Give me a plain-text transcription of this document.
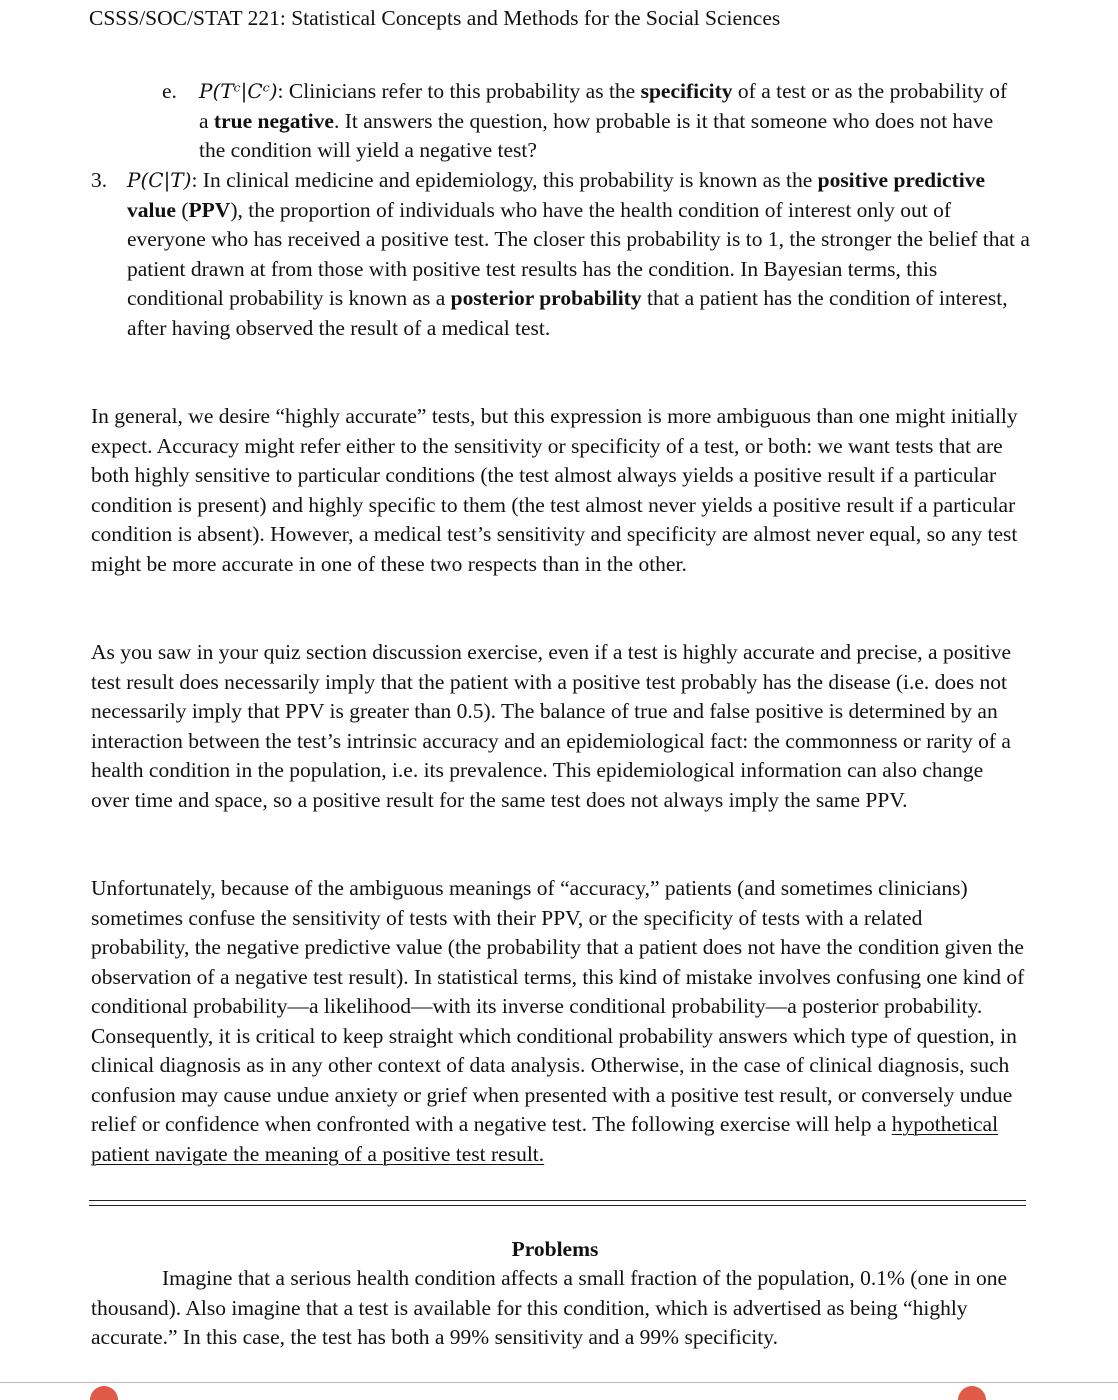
CSSS/SOC/STAT 221: Statistical Concepts and Methods for the Social Sciences
e. P(Tᶜ|Cᶜ): Clinicians refer to this probability as the specificity of a test or as the probability of a true negative. It answers the question, how probable is it that someone who does not have the condition will yield a negative test?
3. P(C|T): In clinical medicine and epidemiology, this probability is known as the positive predictive value (PPV), the proportion of individuals who have the health condition of interest only out of everyone who has received a positive test. The closer this probability is to 1, the stronger the belief that a patient drawn at from those with positive test results has the condition. In Bayesian terms, this conditional probability is known as a posterior probability that a patient has the condition of interest, after having observed the result of a medical test.

In general, we desire “highly accurate” tests, but this expression is more ambiguous than one might initially expect. Accuracy might refer either to the sensitivity or specificity of a test, or both: we want tests that are both highly sensitive to particular conditions (the test almost always yields a positive result if a particular condition is present) and highly specific to them (the test almost never yields a positive result if a particular condition is absent). However, a medical test’s sensitivity and specificity are almost never equal, so any test might be more accurate in one of these two respects than in the other.

As you saw in your quiz section discussion exercise, even if a test is highly accurate and precise, a positive test result does necessarily imply that the patient with a positive test probably has the disease (i.e. does not necessarily imply that PPV is greater than 0.5). The balance of true and false positive is determined by an interaction between the test’s intrinsic accuracy and an epidemiological fact: the commonness or rarity of a health condition in the population, i.e. its prevalence. This epidemiological information can also change over time and space, so a positive result for the same test does not always imply the same PPV.

Unfortunately, because of the ambiguous meanings of “accuracy,” patients (and sometimes clinicians) sometimes confuse the sensitivity of tests with their PPV, or the specificity of tests with a related probability, the negative predictive value (the probability that a patient does not have the condition given the observation of a negative test result). In statistical terms, this kind of mistake involves confusing one kind of conditional probability—a likelihood—with its inverse conditional probability—a posterior probability. Consequently, it is critical to keep straight which conditional probability answers which type of question, in clinical diagnosis as in any other context of data analysis. Otherwise, in the case of clinical diagnosis, such confusion may cause undue anxiety or grief when presented with a positive test result, or conversely undue relief or confidence when confronted with a negative test. The following exercise will help a hypothetical patient navigate the meaning of a positive test result.

Problems

Imagine that a serious health condition affects a small fraction of the population, 0.1% (one in one thousand). Also imagine that a test is available for this condition, which is advertised as being “highly accurate.” In this case, the test has both a 99% sensitivity and a 99% specificity.
